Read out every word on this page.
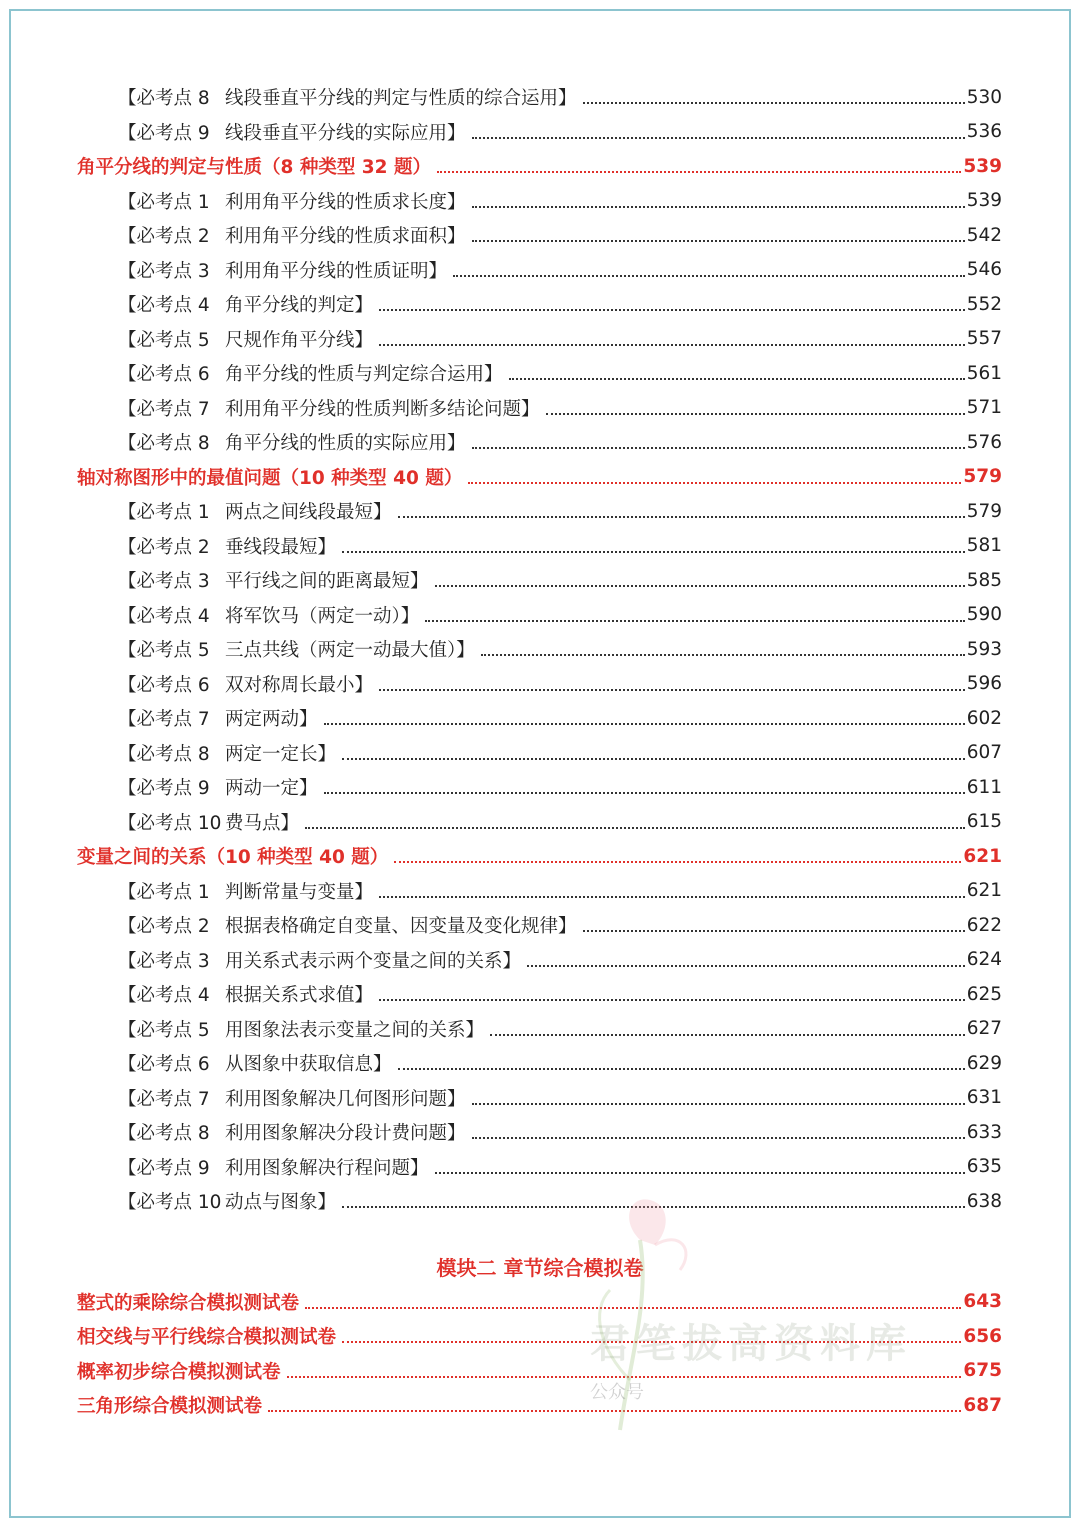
【必考点 8 线段垂直平分线的判定与性质的综合运用】	530
【必考点 9 线段垂直平分线的实际应用】	536
角平分线的判定与性质（8 种类型 32 题）	539
【必考点 1 利用角平分线的性质求长度】	539
【必考点 2 利用角平分线的性质求面积】	542
【必考点 3 利用角平分线的性质证明】	546
【必考点 4 角平分线的判定】	552
【必考点 5 尺规作角平分线】	557
【必考点 6 角平分线的性质与判定综合运用】	561
【必考点 7 利用角平分线的性质判断多结论问题】	571
【必考点 8 角平分线的性质的实际应用】	576
轴对称图形中的最值问题（10 种类型 40 题）	579
【必考点 1 两点之间线段最短】	579
【必考点 2 垂线段最短】	581
【必考点 3 平行线之间的距离最短】	585
【必考点 4 将军饮马（两定一动）】	590
【必考点 5 三点共线（两定一动最大值）】	593
【必考点 6 双对称周长最小】	596
【必考点 7 两定两动】	602
【必考点 8 两定一定长】	607
【必考点 9 两动一定】	611
【必考点 10 费马点】	615
变量之间的关系（10 种类型 40 题）	621
【必考点 1 判断常量与变量】	621
【必考点 2 根据表格确定自变量、因变量及变化规律】	622
【必考点 3 用关系式表示两个变量之间的关系】	624
【必考点 4 根据关系式求值】	625
【必考点 5 用图象法表示变量之间的关系】	627
【必考点 6 从图象中获取信息】	629
【必考点 7 利用图象解决几何图形问题】	631
【必考点 8 利用图象解决分段计费问题】	633
【必考点 9 利用图象解决行程问题】	635
【必考点 10 动点与图象】	638
模块二 章节综合模拟卷
整式的乘除综合模拟测试卷	643
相交线与平行线综合模拟测试卷	656
概率初步综合模拟测试卷	675
三角形综合模拟测试卷	687
君笔拔高资料库
公众号
